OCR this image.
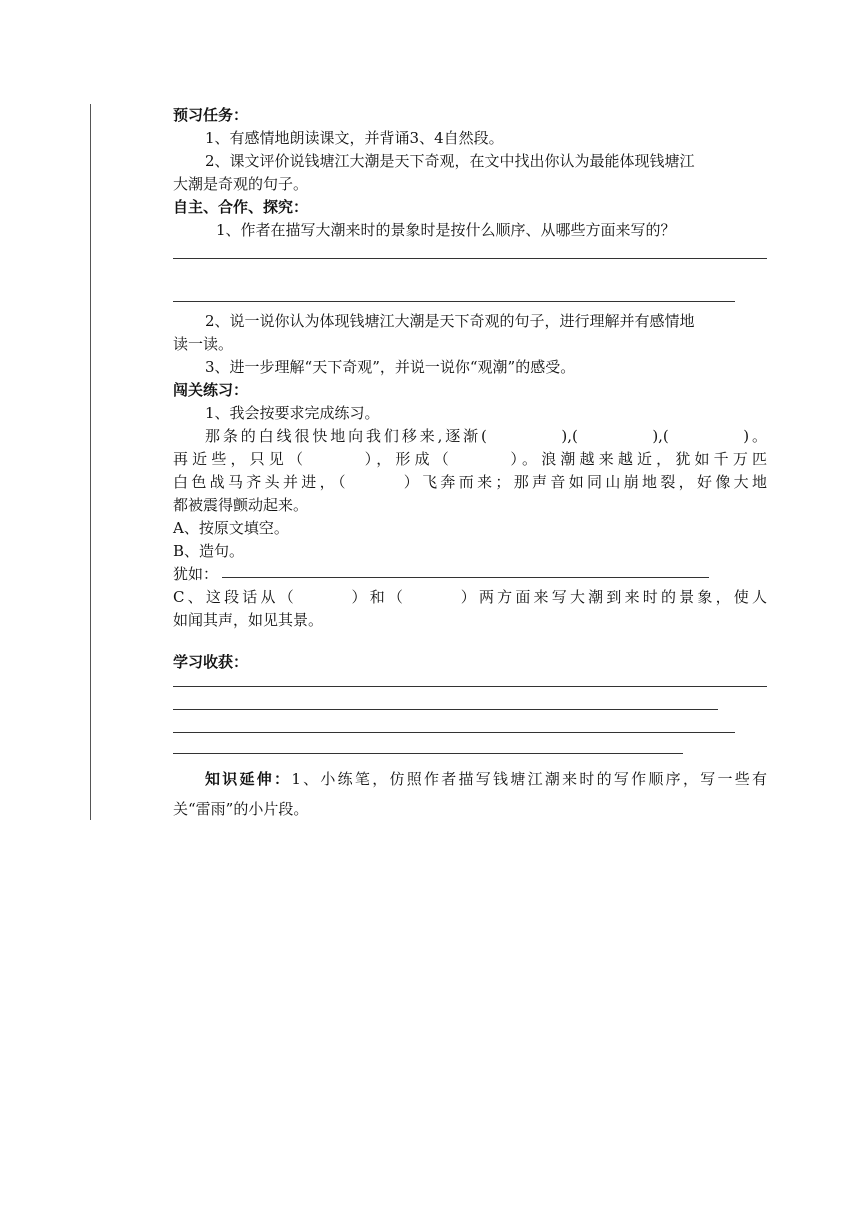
预习任务：
1、有感情地朗读课文，并背诵3、4自然段。
2、课文评价说钱塘江大潮是天下奇观，在文中找出你认为最能体现钱塘江
大潮是奇观的句子。
自主、合作、探究：
1、作者在描写大潮来时的景象时是按什么顺序、从哪些方面来写的？
2、说一说你认为体现钱塘江大潮是天下奇观的句子，进行理解并有感情地
读一读。
3、进一步理解“天下奇观”，并说一说你“观潮”的感受。
闯关练习：
1、我会按要求完成练习。
那条的白线很快地向我们移来,逐渐(　　　　),(　　　　),(　　　　)。
再近些，只见（　　　），形成（　　　）。浪潮越来越近，犹如千万匹
白色战马齐头并进，（　　　）飞奔而来；那声音如同山崩地裂，好像大地
都被震得颤动起来。
A、按原文填空。
B、造句。
犹如：
C、这段话从（　　　）和（　　　）两方面来写大潮到来时的景象，使人
如闻其声，如见其景。
学习收获：
知识延伸：1、小练笔，仿照作者描写钱塘江潮来时的写作顺序，写一些有
关“雷雨”的小片段。
